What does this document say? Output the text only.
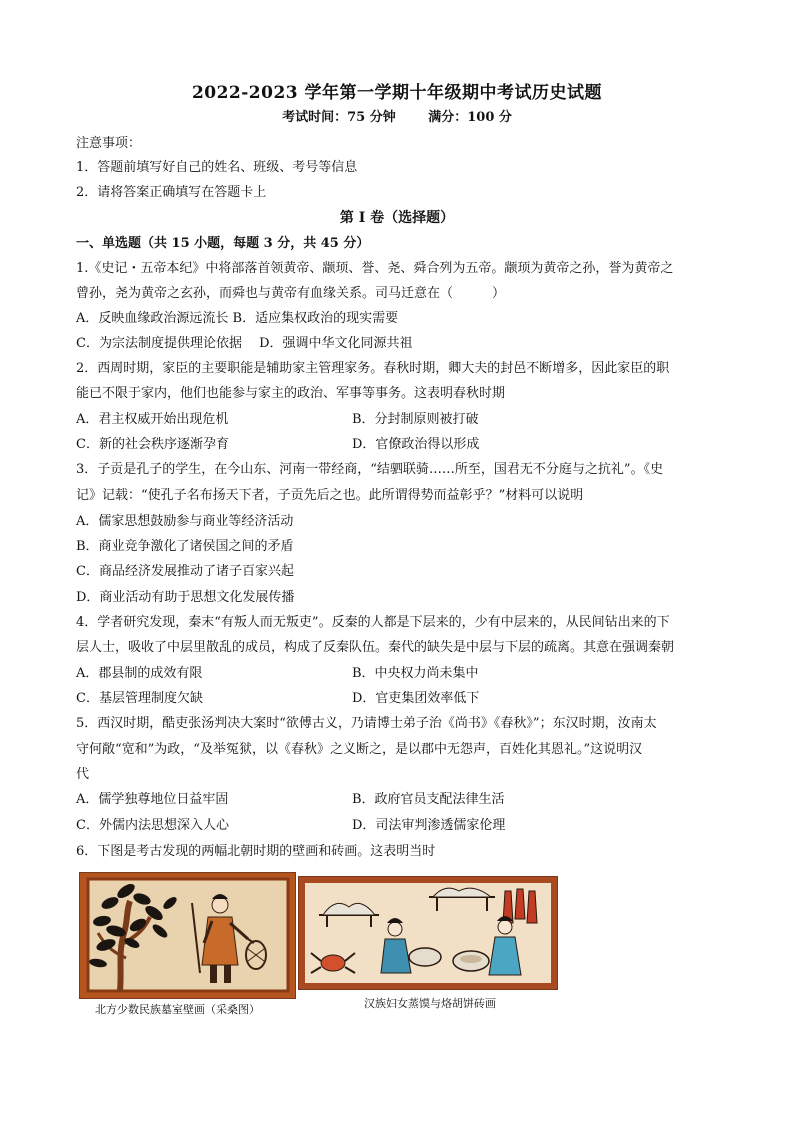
2022-2023 学年第一学期十年级期中考试历史试题
考试时间：75 分钟	满分：100 分
注意事项：
1．答题前填写好自己的姓名、班级、考号等信息
2．请将答案正确填写在答题卡上
第 I 卷（选择题）
一、单选题（共 15 小题，每题 3 分，共 45 分）
1.《史记・五帝本纪》中将部落首领黄帝、颛顼、誉、尧、舜合列为五帝。颛顼为黄帝之孙，誉为黄帝之
曾孙，尧为黄帝之玄孙，而舜也与黄帝有血缘关系。司马迁意在（　　　）
A．反映血缘政治源远流长 B．适应集权政治的现实需要
C．为宗法制度提供理论依据　 D．强调中华文化同源共祖
2．西周时期，家臣的主要职能是辅助家主管理家务。春秋时期，卿大夫的封邑不断增多，因此家臣的职
能已不限于家内，他们也能参与家主的政治、军事等事务。这表明春秋时期
A．君主权威开始出现危机	B．分封制原则被打破
C．新的社会秩序逐渐孕育	D．官僚政治得以形成
3．子贡是孔子的学生，在今山东、河南一带经商，“结驷联骑……所至，国君无不分庭与之抗礼”。《史
记》记载：“使孔子名布扬天下者，子贡先后之也。此所谓得势而益彰乎？”材料可以说明
A．儒家思想鼓励参与商业等经济活动
B．商业竞争激化了诸侯国之间的矛盾
C．商品经济发展推动了诸子百家兴起
D．商业活动有助于思想文化发展传播
4．学者研究发现，秦末“有叛人而无叛吏”。反秦的人都是下层来的，少有中层来的，从民间钻出来的下
层人士，吸收了中层里散乱的成员，构成了反秦队伍。秦代的缺失是中层与下层的疏离。其意在强调秦朝
A．郡县制的成效有限	B．中央权力尚未集中
C．基层管理制度欠缺	D．官吏集团效率低下
5．西汉时期，酷吏张汤判决大案时“欲傅古义，乃请博士弟子治《尚书》《春秋》”；东汉时期，汝南太
守何敞“宽和”为政，“及举冤狱，以《春秋》之义断之，是以郡中无怨声，百姓化其恩礼。”这说明汉
代
A．儒学独尊地位日益牢固	B．政府官员支配法律生活
C．外儒内法思想深入人心	D．司法审判渗透儒家伦理
6．下图是考古发现的两幅北朝时期的壁画和砖画。这表明当时
北方少数民族墓室壁画（采桑图）	汉族妇女蒸馍与烙胡饼砖画
